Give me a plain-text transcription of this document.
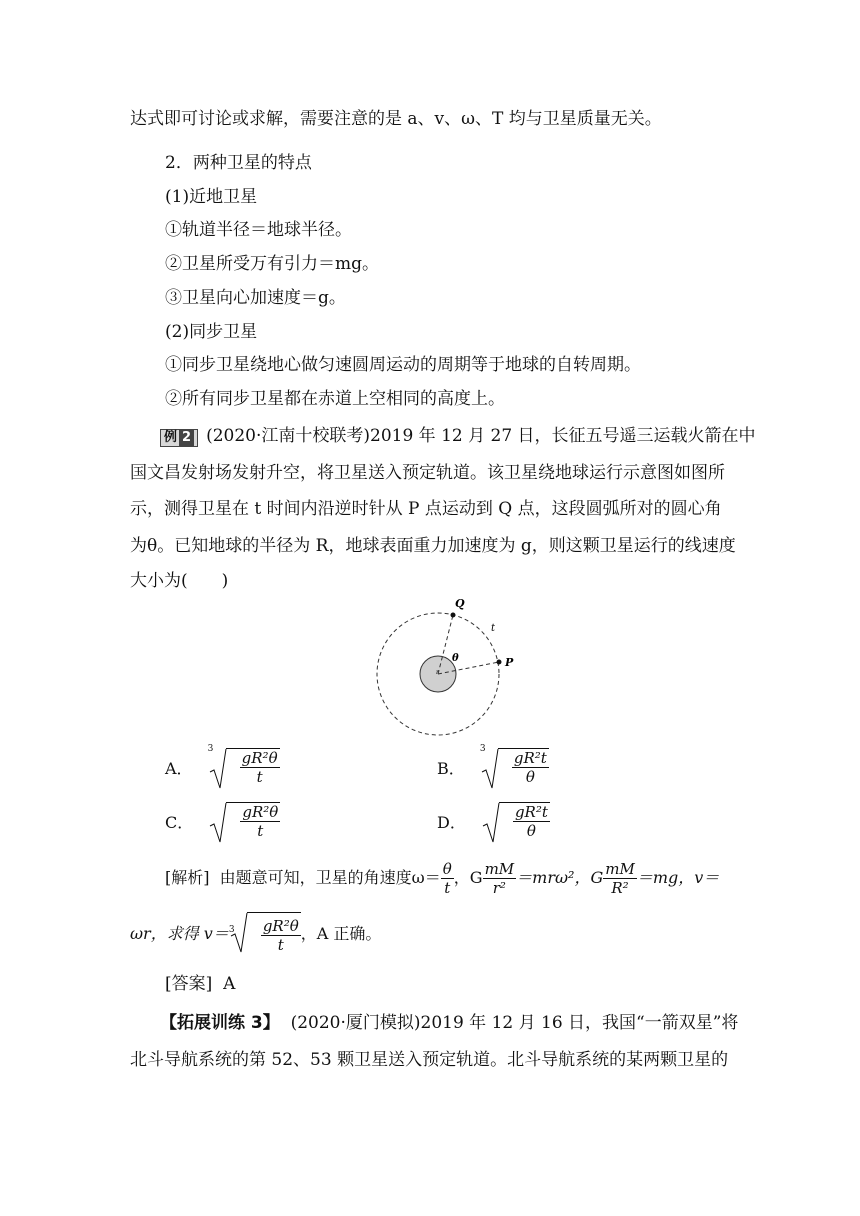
达式即可讨论或求解，需要注意的是 a、v、ω、T 均与卫星质量无关。
2．两种卫星的特点
(1)近地卫星
①轨道半径＝地球半径。
②卫星所受万有引力＝mg。
③卫星向心加速度＝g。
(2)同步卫星
①同步卫星绕地心做匀速圆周运动的周期等于地球的自转周期。
②所有同步卫星都在赤道上空相同的高度上。
例 2 (2020·江南十校联考)2019 年 12 月 27 日，长征五号遥三运载火箭在中
国文昌发射场发射升空，将卫星送入预定轨道。该卫星绕地球运行示意图如图所
示，测得卫星在 t 时间内沿逆时针从 P 点运动到 Q 点，这段圆弧所对的圆心角
为θ。已知地球的半径为 R，地球表面重力加速度为 g，则这颗卫星运行的线速度
大小为(　　)
Q
P
t
θ
r
A．
$3 \frac{\text{gR²θ}}{t}$	B．
$3 \frac{\text{gR²t}}{\theta}$
C．	$\frac{\text{gR²θ}}{t}$	D．	$\frac{\text{gR²t}}{\theta}$
[解析] 由题意可知，卫星的角速度$\omega= \frac{\theta}{t}$ ，G $\frac{mM}{\text{r²}} =mr\omega^2$，G $\frac{mM}{\text{R²}} =mg$，v＝
ωr，求得 $v= 3 \frac{\text{gR²θ}}{t}$ ，A 正确。
[答案] A
【拓展训练 3】 (2020·厦门模拟)2019 年 12 月 16 日，我国“一箭双星”将
北斗导航系统的第 52、53 颗卫星送入预定轨道。北斗导航系统的某两颗卫星的
